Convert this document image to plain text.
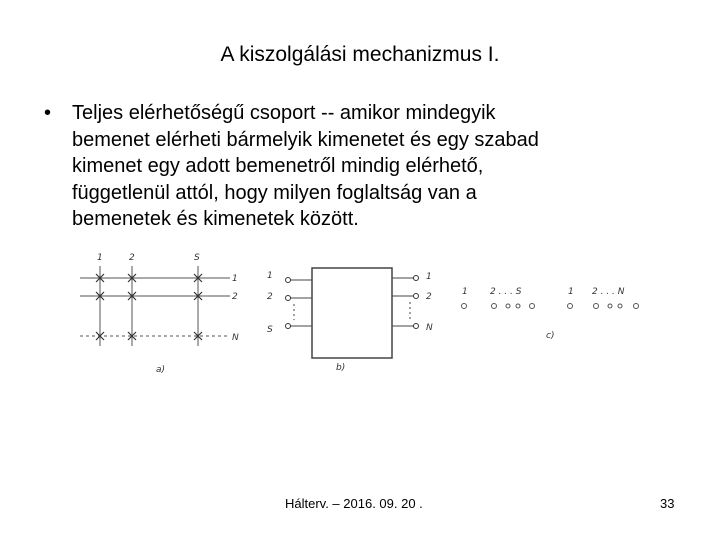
A kiszolgálási mechanizmus I.
• Teljes elérhetőségű csoport -- amikor mindegyik
bemenet elérheti bármelyik kimenetet és egy szabad
kimenet egy adott bemenetről mindig elérhető,
függetlenül attól, hogy milyen foglaltság van a
bemenetek és kimenetek között.
1	2	S
1
2
N
a)
1
2
S
1
2
N
b)
1 2 . . . S	1 2 . . . N
c)
Hálterv. – 2016. 09. 20 .	33
